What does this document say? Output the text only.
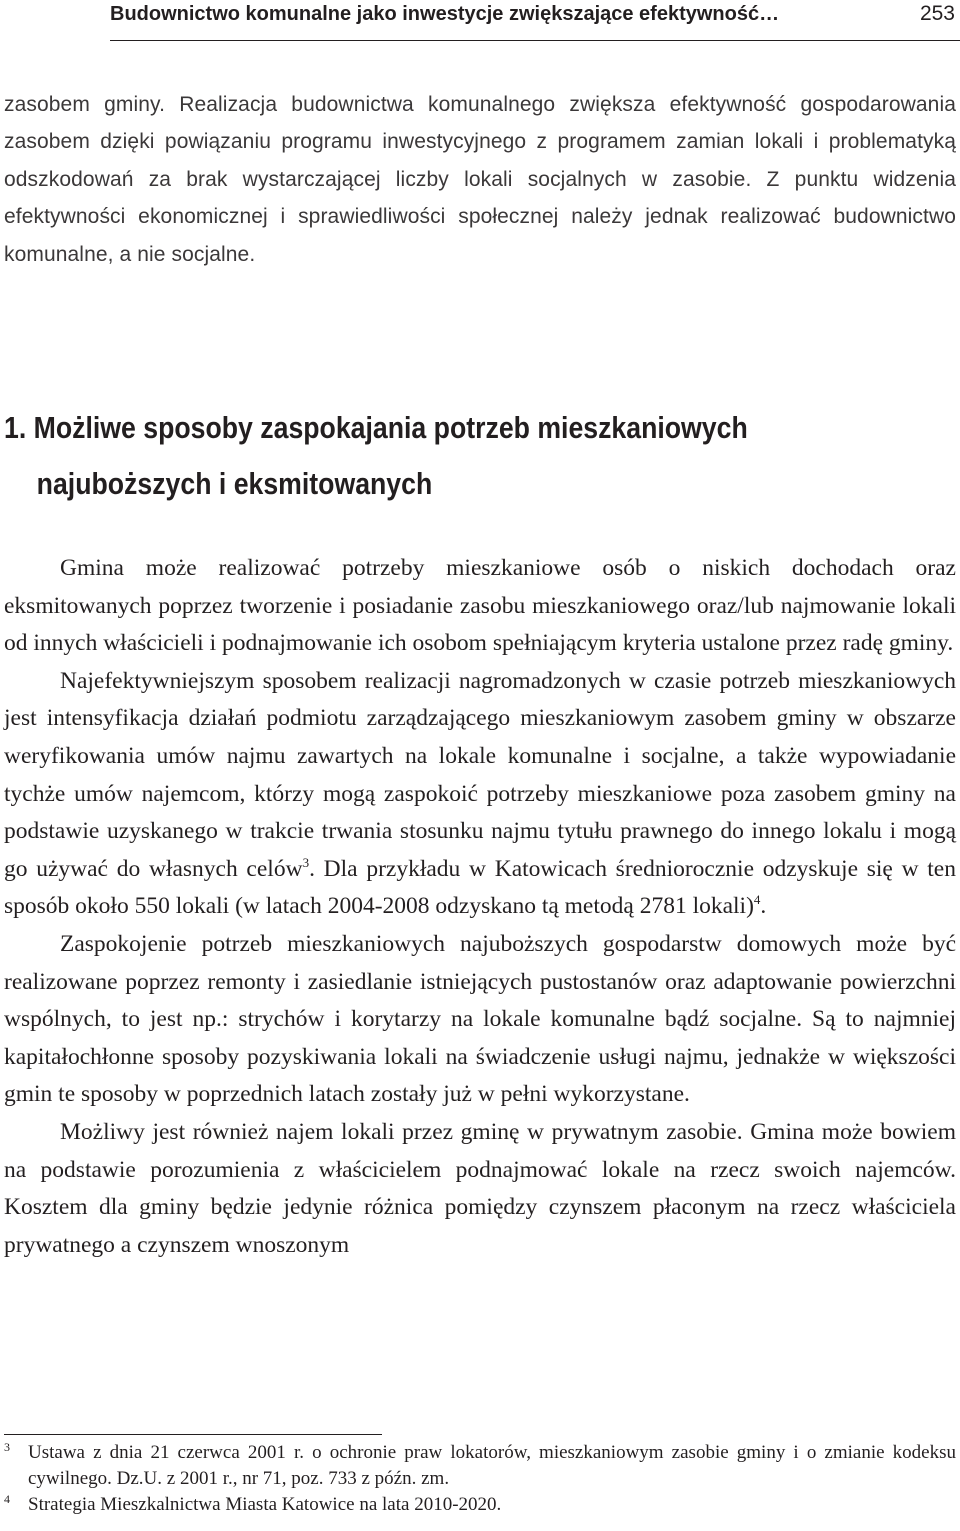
Budownictwo komunalne jako inwestycje zwiększające efektywność…	253

zasobem gminy. Realizacja budownictwa komunalnego zwiększa efektywność gospodarowania zasobem dzięki powiązaniu programu inwestycyjnego z programem zamian lokali i problematyką odszkodowań za brak wystarczającej liczby lokali socjalnych w zasobie. Z punktu widzenia efektywności ekonomicznej i sprawiedliwości społecznej należy jednak realizować budownictwo komunalne, a nie socjalne.

1. Możliwe sposoby zaspokajania potrzeb mieszkaniowych
najuboższych i eksmitowanych

Gmina może realizować potrzeby mieszkaniowe osób o niskich dochodach oraz eksmitowanych poprzez tworzenie i posiadanie zasobu mieszkaniowego oraz/lub najmowanie lokali od innych właścicieli i podnajmowanie ich osobom spełniającym kryteria ustalone przez radę gminy.

Najefektywniejszym sposobem realizacji nagromadzonych w czasie potrzeb mieszkaniowych jest intensyfikacja działań podmiotu zarządzającego mieszkaniowym zasobem gminy w obszarze weryfikowania umów najmu zawartych na lokale komunalne i socjalne, a także wypowiadanie tychże umów najemcom, którzy mogą zaspokoić potrzeby mieszkaniowe poza zasobem gminy na podstawie uzyskanego w trakcie trwania stosunku najmu tytułu prawnego do innego lokalu i mogą go używać do własnych celów$^3$. Dla przykładu w Katowicach średniorocznie odzyskuje się w ten sposób około 550 lokali (w latach 2004-2008 odzyskano tą metodą 2781 lokali)$^4$.

Zaspokojenie potrzeb mieszkaniowych najuboższych gospodarstw domowych może być realizowane poprzez remonty i zasiedlanie istniejących pustostanów oraz adaptowanie powierzchni wspólnych, to jest np.: strychów i korytarzy na lokale komunalne bądź socjalne. Są to najmniej kapitałochłonne sposoby pozyskiwania lokali na świadczenie usługi najmu, jednakże w większości gmin te sposoby w poprzednich latach zostały już w pełni wykorzystane.

Możliwy jest również najem lokali przez gminę w prywatnym zasobie. Gmina może bowiem na podstawie porozumienia z właścicielem podnajmować lokale na rzecz swoich najemców. Kosztem dla gminy będzie jedynie różnica pomiędzy czynszem płaconym na rzecz właściciela prywatnego a czynszem wnoszonym

3 Ustawa z dnia 21 czerwca 2001 r. o ochronie praw lokatorów, mieszkaniowym zasobie gminy i o zmianie kodeksu cywilnego. Dz.U. z 2001 r., nr 71, poz. 733 z późn. zm.
4 Strategia Mieszkalnictwa Miasta Katowice na lata 2010-2020.
